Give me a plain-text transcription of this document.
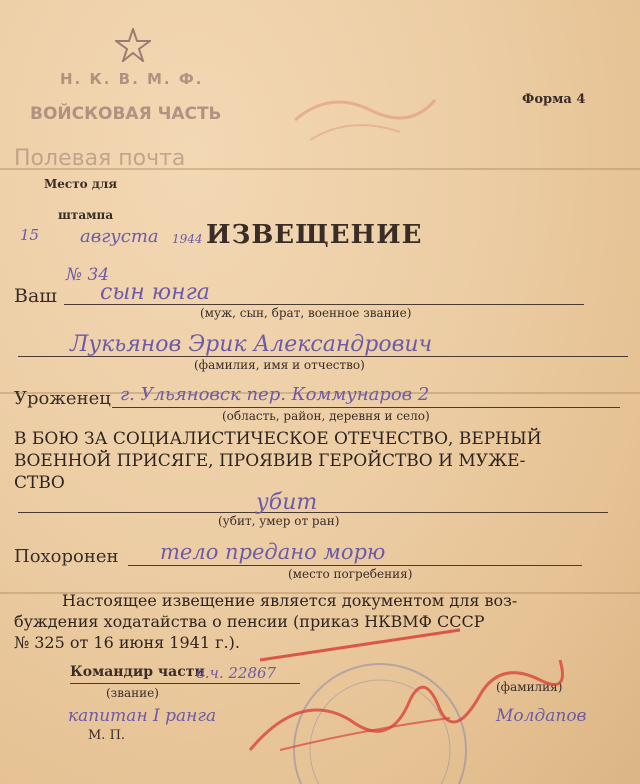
Н. К. В. М. Ф.
ВОЙСКОВАЯ ЧАСТЬ
Полевая почта
Форма 4
Место для
штампа
15 августа 1944 ИЗВЕЩЕНИЕ
№ 34
Ваш сын юнга
(муж, сын, брат, военное звание)
Лукьянов Эрик Александрович
(фамилия, имя и отчество)
Уроженец г. Ульяновск пер. Коммунаров 2
(область, район, деревня и село)
В БОЮ ЗА СОЦИАЛИСТИЧЕСКОЕ ОТЕЧЕСТВО, ВЕРНЫЙ
ВОЕННОЙ ПРИСЯГЕ, ПРОЯВИВ ГЕРОЙСТВО И МУЖЕ-
СТВО
убит
(убит, умер от ран)
Похоронен тело предано морю
(место погребения)
Настоящее извещение является документом для воз-
буждения ходатайства о пенсии (приказ НКВМФ СССР
№ 325 от 16 июня 1941 г.).
Командир части
в.ч. 22867
(звание)	(фамилия)
капитан I ранга	Молдапов
М. П.
